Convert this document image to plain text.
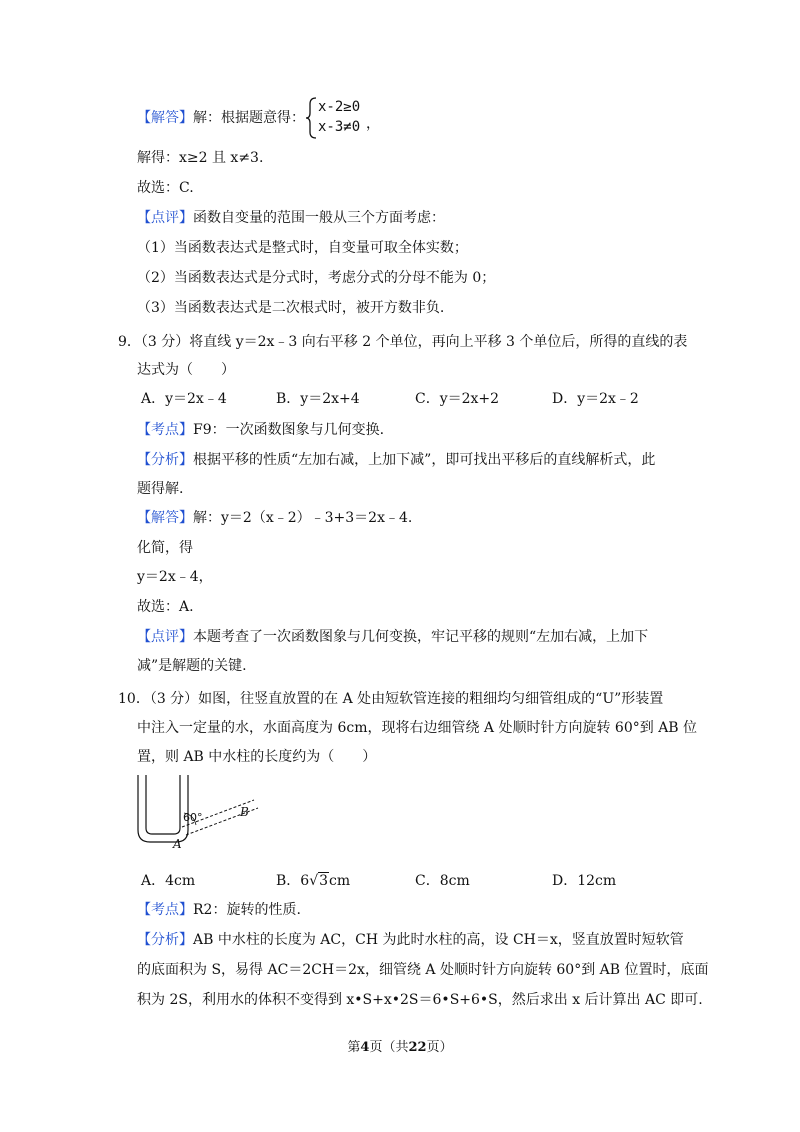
【解答】解：根据题意得：
x-2≥0
x-3≠0 ，
解得：x≥2 且 x≠3.
故选：C.
【点评】函数自变量的范围一般从三个方面考虑：
（1）当函数表达式是整式时，自变量可取全体实数；
（2）当函数表达式是分式时，考虑分式的分母不能为 0；
（3）当函数表达式是二次根式时，被开方数非负.
9．（3 分）将直线 y＝2x﹣3 向右平移 2 个单位，再向上平移 3 个单位后，所得的直线的表
达式为（　　）
A．y＝2x﹣4	B．y＝2x+4	C．y＝2x+2	D．y＝2x﹣2
【考点】F9：一次函数图象与几何变换.
【分析】根据平移的性质“左加右减，上加下减”，即可找出平移后的直线解析式，此
题得解.
【解答】解：y＝2（x﹣2）﹣3+3＝2x﹣4.
化简，得
y＝2x﹣4，
故选：A.
【点评】本题考查了一次函数图象与几何变换，牢记平移的规则“左加右减，上加下
减”是解题的关键.
10．（3 分）如图，往竖直放置的在 A 处由短软管连接的粗细均匀细管组成的“U”形装置
中注入一定量的水，水面高度为 6cm，现将右边细管绕 A 处顺时针方向旋转 60°到 AB 位
置，则 AB 中水柱的长度约为（　　）
60°	B
A
A．4cm	B．6√3cm	C．8cm	D．12cm
【考点】R2：旋转的性质.
【分析】AB 中水柱的长度为 AC，CH 为此时水柱的高，设 CH＝x，竖直放置时短软管
的底面积为 S，易得 AC＝2CH＝2x，细管绕 A 处顺时针方向旋转 60°到 AB 位置时，底面
积为 2S，利用水的体积不变得到 x•S+x•2S＝6•S+6•S，然后求出 x 后计算出 AC 即可.
第4页（共22页）
